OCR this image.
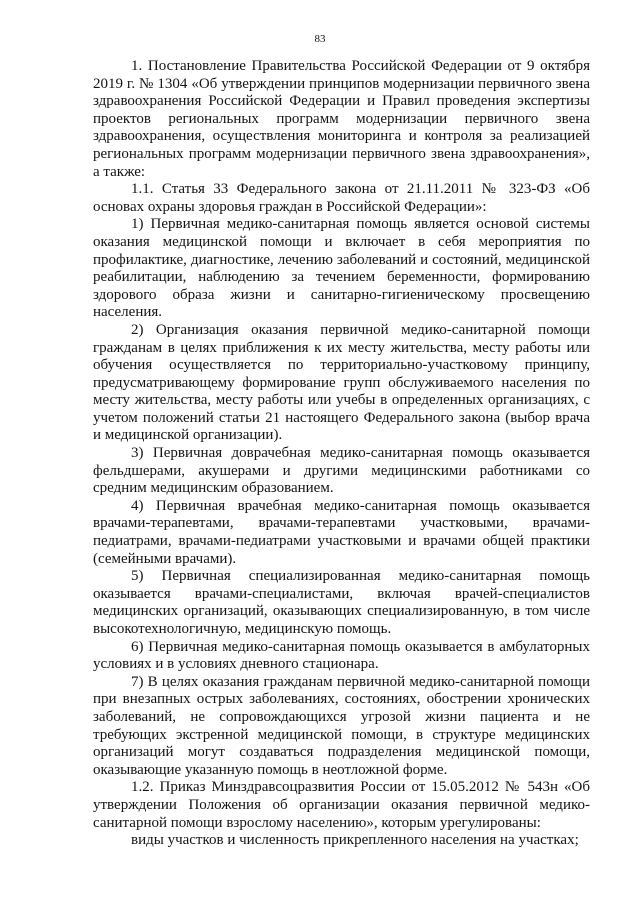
83

1. Постановление Правительства Российской Федерации от 9 октября 2019 г. № 1304 «Об утверждении принципов модернизации первичного звена здравоохранения Российской Федерации и Правил проведения экспертизы проектов региональных программ модернизации первичного звена здравоохранения, осуществления мониторинга и контроля за реализацией региональных программ модернизации первичного звена здравоохранения», а также:

1.1. Статья 33 Федерального закона от 21.11.2011 № 323-ФЗ «Об основах охраны здоровья граждан в Российской Федерации»:

1) Первичная медико-санитарная помощь является основой системы оказания медицинской помощи и включает в себя мероприятия по профилактике, диагностике, лечению заболеваний и состояний, медицинской реабилитации, наблюдению за течением беременности, формированию здорового образа жизни и санитарно-гигиеническому просвещению населения.

2) Организация оказания первичной медико-санитарной помощи гражданам в целях приближения к их месту жительства, месту работы или обучения осуществляется по территориально-участковому принципу, предусматривающему формирование групп обслуживаемого населения по месту жительства, месту работы или учебы в определенных организациях, с учетом положений статьи 21 настоящего Федерального закона (выбор врача и медицинской организации).

3) Первичная доврачебная медико-санитарная помощь оказывается фельдшерами, акушерами и другими медицинскими работниками со средним медицинским образованием.

4) Первичная врачебная медико-санитарная помощь оказывается врачами-терапевтами, врачами-терапевтами участковыми, врачами-педиатрами, врачами-педиатрами участковыми и врачами общей практики (семейными врачами).

5) Первичная специализированная медико-санитарная помощь оказывается врачами-специалистами, включая врачей-специалистов медицинских организаций, оказывающих специализированную, в том числе высокотехнологичную, медицинскую помощь.

6) Первичная медико-санитарная помощь оказывается в амбулаторных условиях и в условиях дневного стационара.

7) В целях оказания гражданам первичной медико-санитарной помощи при внезапных острых заболеваниях, состояниях, обострении хронических заболеваний, не сопровождающихся угрозой жизни пациента и не требующих экстренной медицинской помощи, в структуре медицинских организаций могут создаваться подразделения медицинской помощи, оказывающие указанную помощь в неотложной форме.

1.2. Приказ Минздравсоцразвития России от 15.05.2012 № 543н «Об утверждении Положения об организации оказания первичной медико-санитарной помощи взрослому населению», которым урегулированы:

виды участков и численность прикрепленного населения на участках;
